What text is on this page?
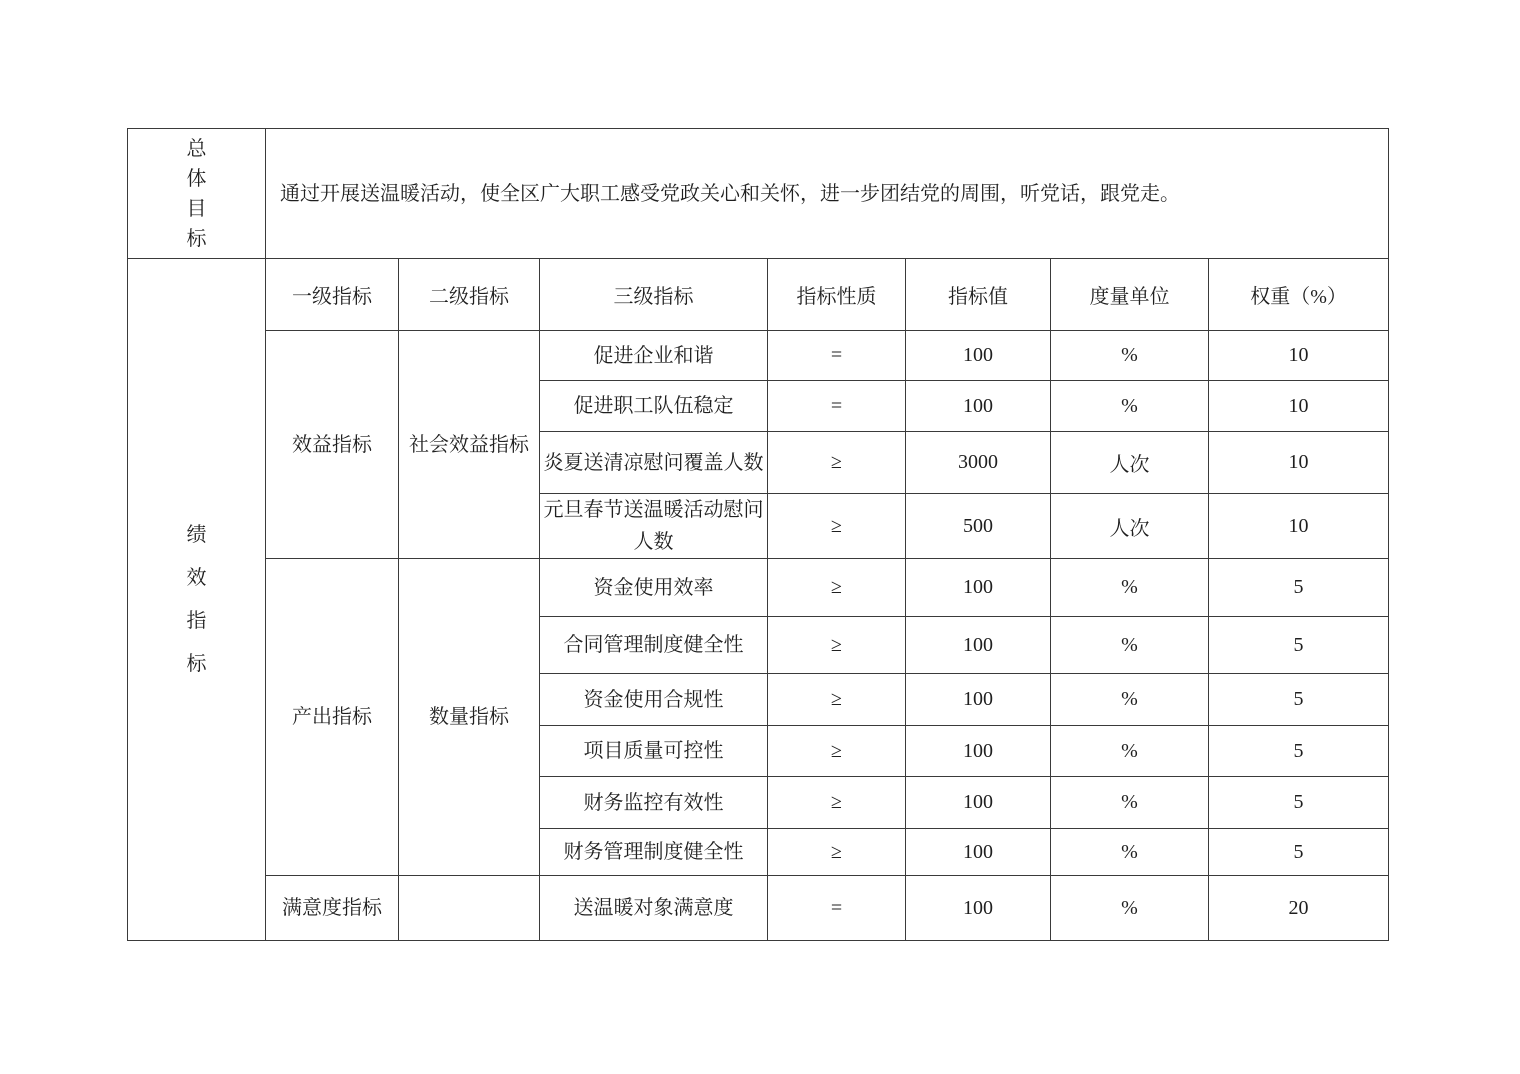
总体目标	通过开展送温暖活动，使全区广大职工感受党政关心和关怀，进一步团结党的周围，听党话，跟党走。						

绩效指标	一级指标	二级指标	三级指标	指标性质	指标值	度量单位	权重（%）
	效益指标	社会效益指标	促进企业和谐	=	100	%	10
			促进职工队伍稳定	=	100	%	10
			炎夏送清凉慰问覆盖人数	≥	3000	人次	10
			元旦春节送温暖活动慰问人数	≥	500	人次	10
	产出指标	数量指标	资金使用效率	≥	100	%	5
			合同管理制度健全性	≥	100	%	5
			资金使用合规性	≥	100	%	5
			项目质量可控性	≥	100	%	5
			财务监控有效性	≥	100	%	5
			财务管理制度健全性	≥	100	%	5
	满意度指标		送温暖对象满意度	=	100	%	20
